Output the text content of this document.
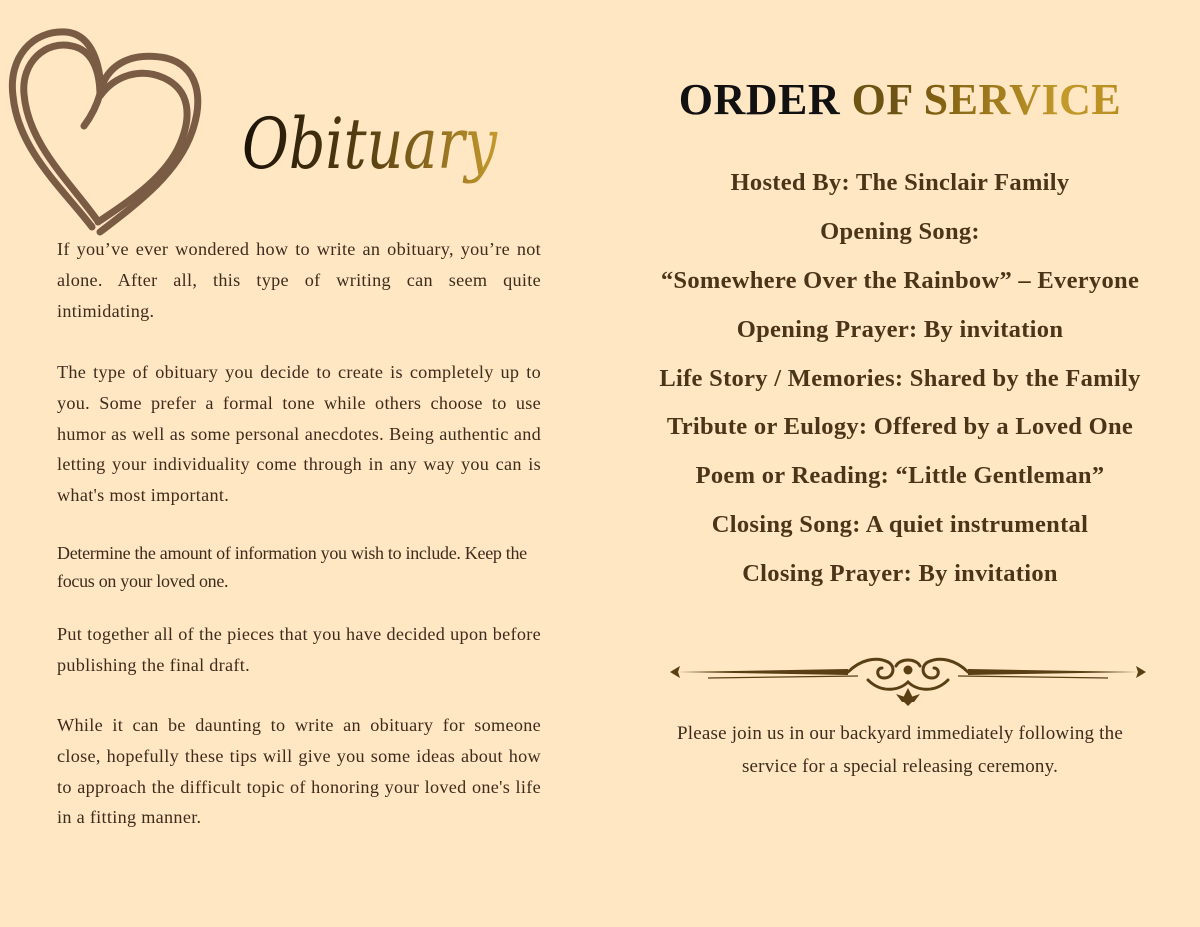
Obituary

If you’ve ever wondered how to write an obituary, you’re not alone. After all, this type of writing can seem quite intimidating.

The type of obituary you decide to create is completely up to you. Some prefer a formal tone while others choose to use humor as well as some personal anecdotes. Being authentic and letting your individuality come through in any way you can is what's most important.

Determine the amount of information you wish to include. Keep the focus on your loved one.

Put together all of the pieces that you have decided upon before publishing the final draft.

While it can be daunting to write an obituary for someone close, hopefully these tips will give you some ideas about how to approach the difficult topic of honoring your loved one's life in a fitting manner.

ORDER OF SERVICE
Hosted By: The Sinclair Family
Opening Song:
“Somewhere Over the Rainbow” – Everyone
Opening Prayer: By invitation
Life Story / Memories: Shared by the Family
Tribute or Eulogy: Offered by a Loved One
Poem or Reading: “Little Gentleman”
Closing Song: A quiet instrumental
Closing Prayer: By invitation

Please join us in our backyard immediately following the service for a special releasing ceremony.
